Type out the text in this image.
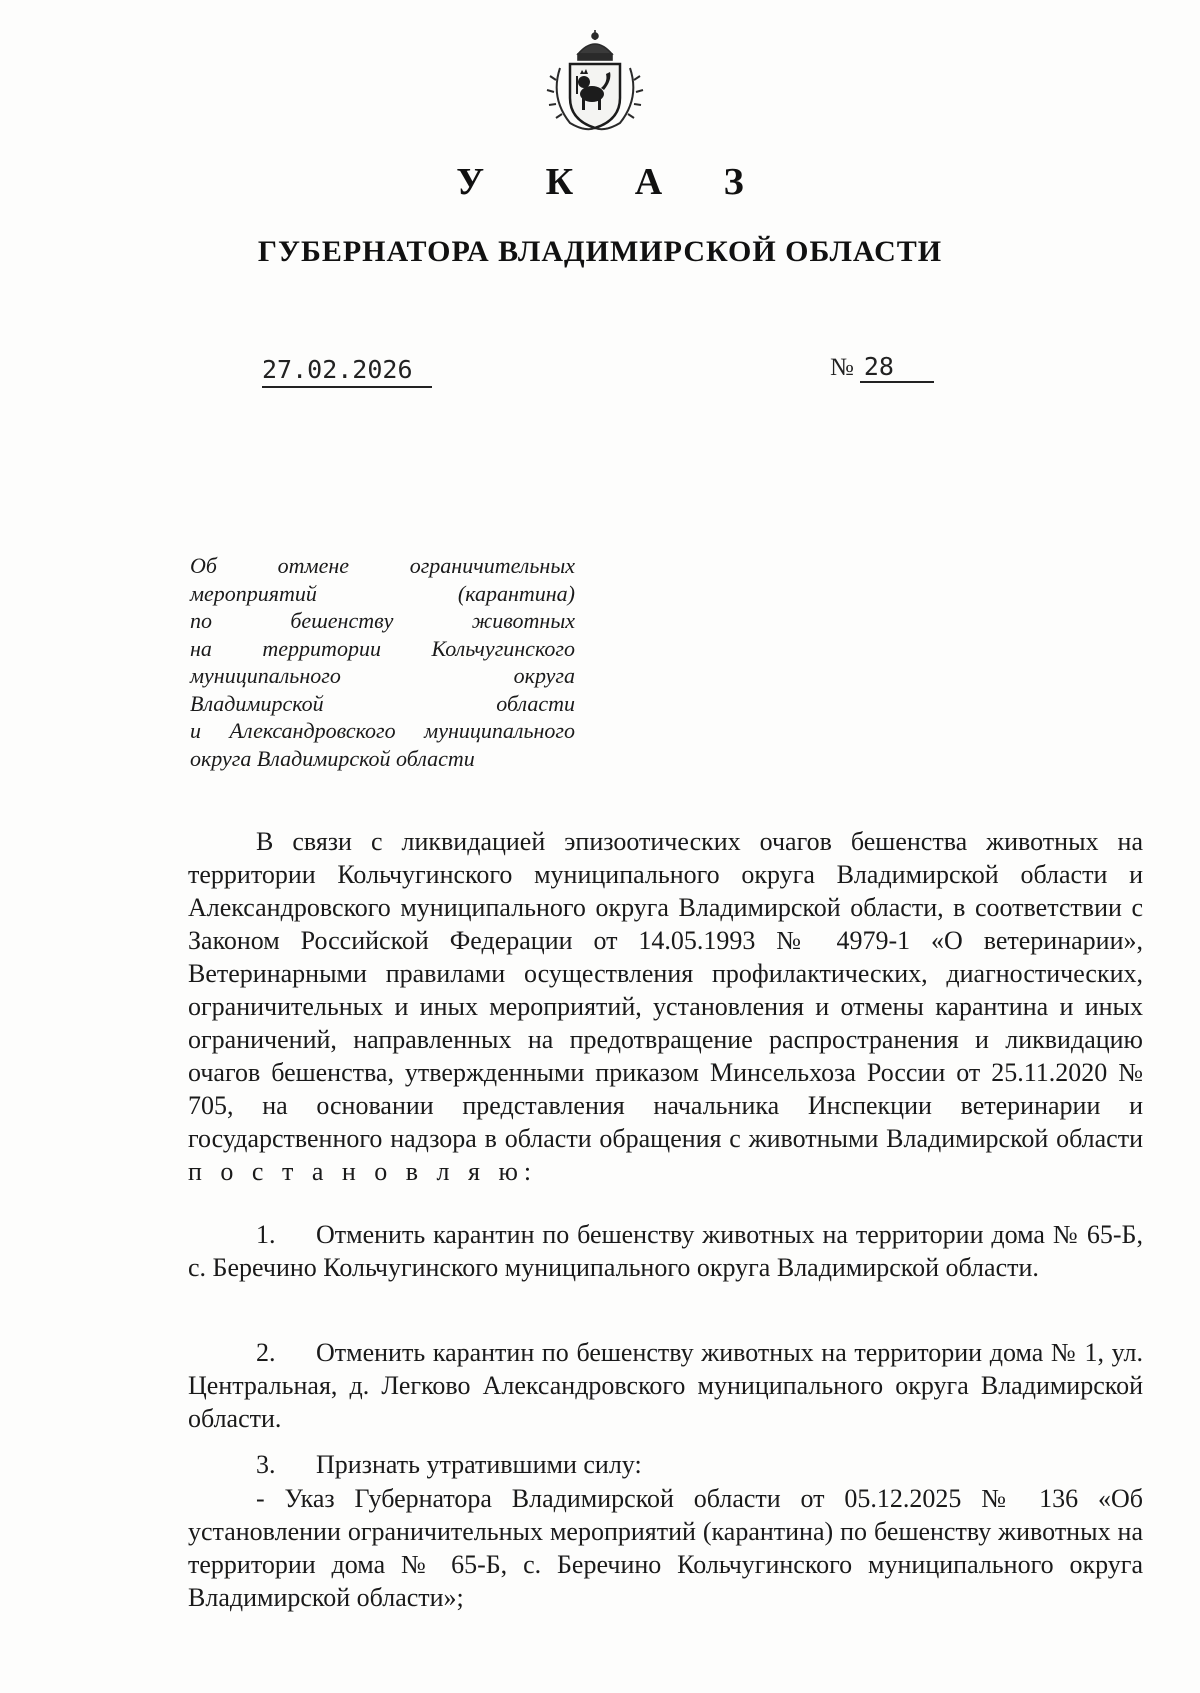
У К А З
ГУБЕРНАТОРА ВЛАДИМИРСКОЙ ОБЛАСТИ
27.02.2026	№ 28
Об отмене ограничительных
мероприятий (карантина)
по бешенству животных
на территории Кольчугинского
муниципального округа
Владимирской области
и Александровского муниципального
округа Владимирской области
В связи с ликвидацией эпизоотических очагов бешенства животных на территории Кольчугинского муниципального округа Владимирской области и Александровского муниципального округа Владимирской области, в соответствии с Законом Российской Федерации от 14.05.1993 № 4979-1 «О ветеринарии», Ветеринарными правилами осуществления профилактических, диагностических, ограничительных и иных мероприятий, установления и отмены карантина и иных ограничений, направленных на предотвращение распространения и ликвидацию очагов бешенства, утвержденными приказом Минсельхоза России от 25.11.2020 № 705, на основании представления начальника Инспекции ветеринарии и государственного надзора в области обращения с животными Владимирской области п о с т а н о в л я ю:
1. Отменить карантин по бешенству животных на территории дома № 65-Б, с. Беречино Кольчугинского муниципального округа Владимирской области.
2. Отменить карантин по бешенству животных на территории дома № 1, ул. Центральная, д. Легково Александровского муниципального округа Владимирской области.
3. Признать утратившими силу:
- Указ Губернатора Владимирской области от 05.12.2025 № 136 «Об установлении ограничительных мероприятий (карантина) по бешенству животных на территории дома № 65-Б, с. Беречино Кольчугинского муниципального округа Владимирской области»;
